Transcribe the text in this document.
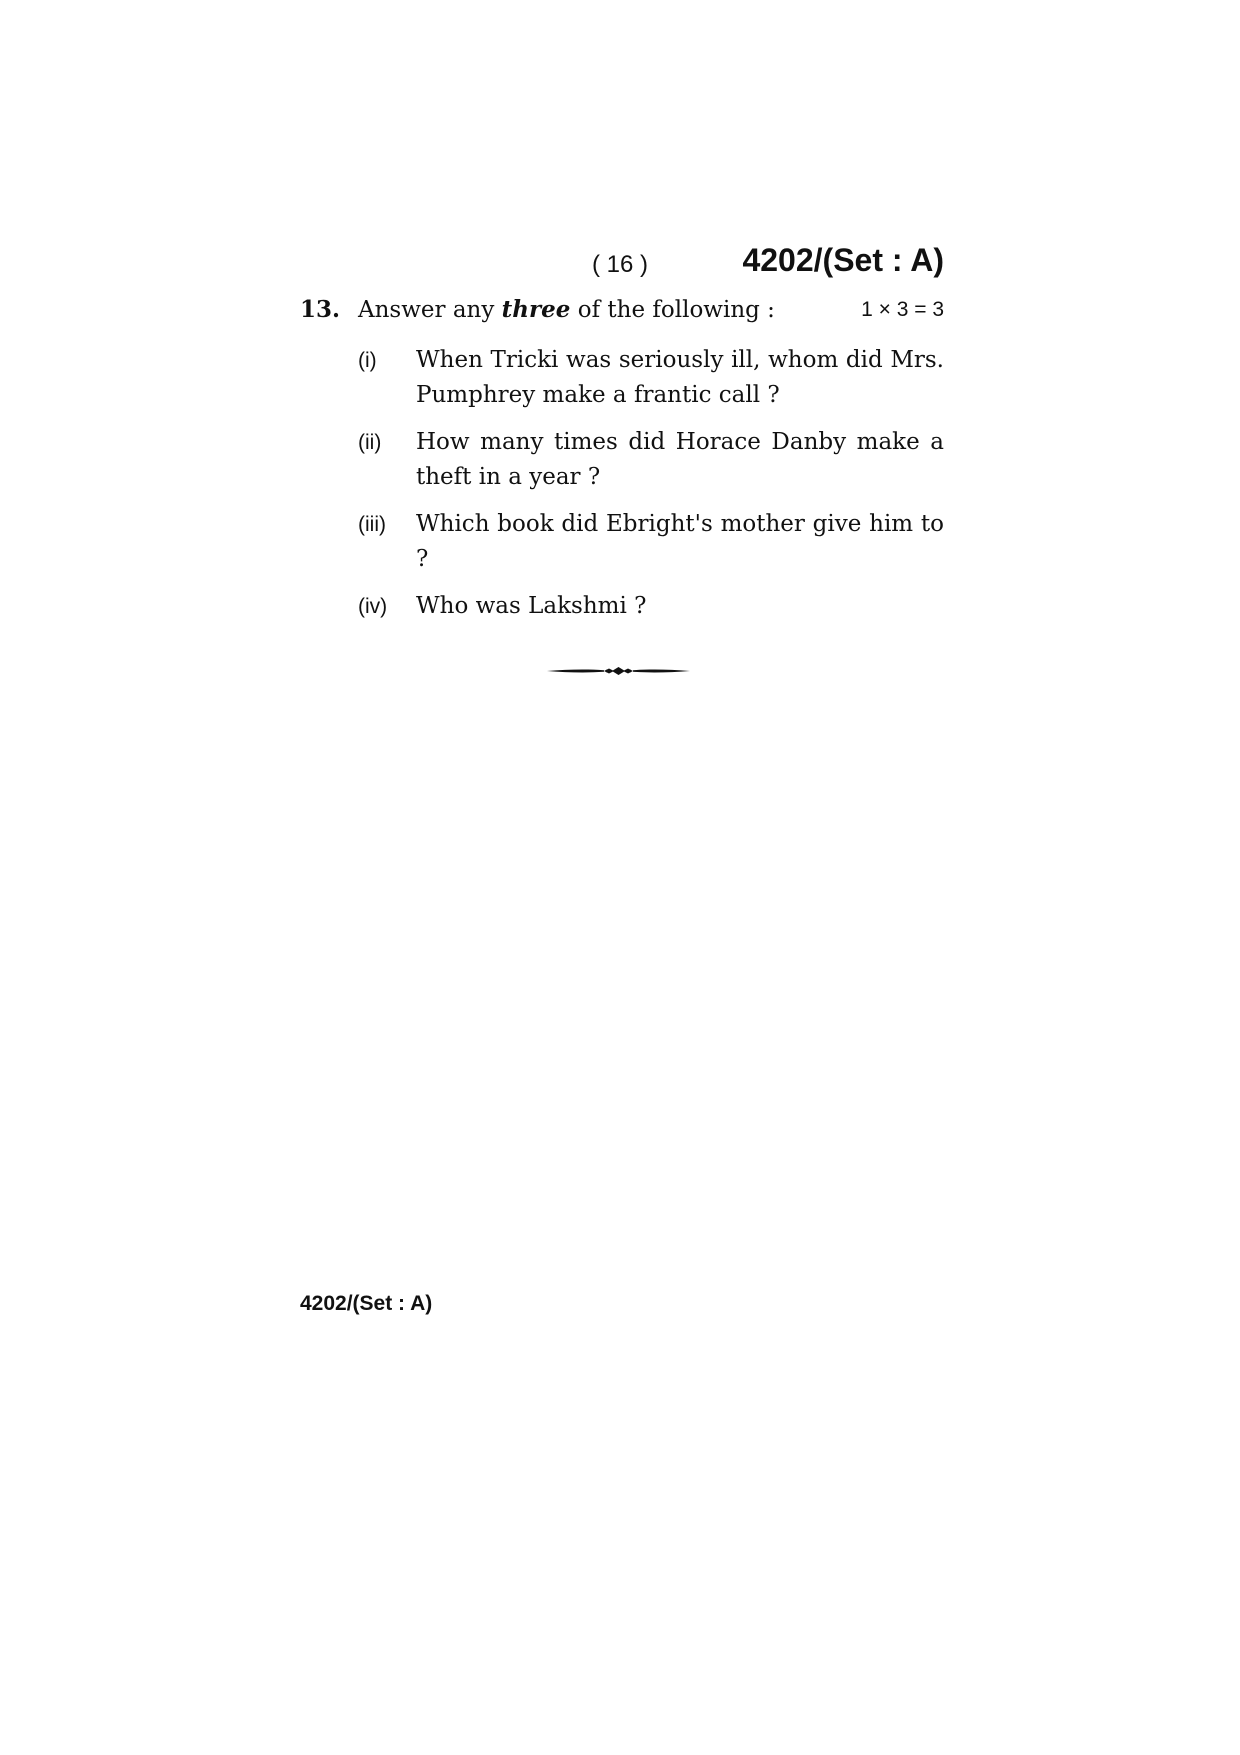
( 16 )	4202/(Set : A)
13. Answer any three of the following :	1 × 3 = 3
(i) When Tricki was seriously ill, whom did Mrs. Pumphrey make a frantic call ?
(ii) How many times did Horace Danby make a theft in a year ?
(iii) Which book did Ebright's mother give him to ?
(iv) Who was Lakshmi ?
4202/(Set : A)
